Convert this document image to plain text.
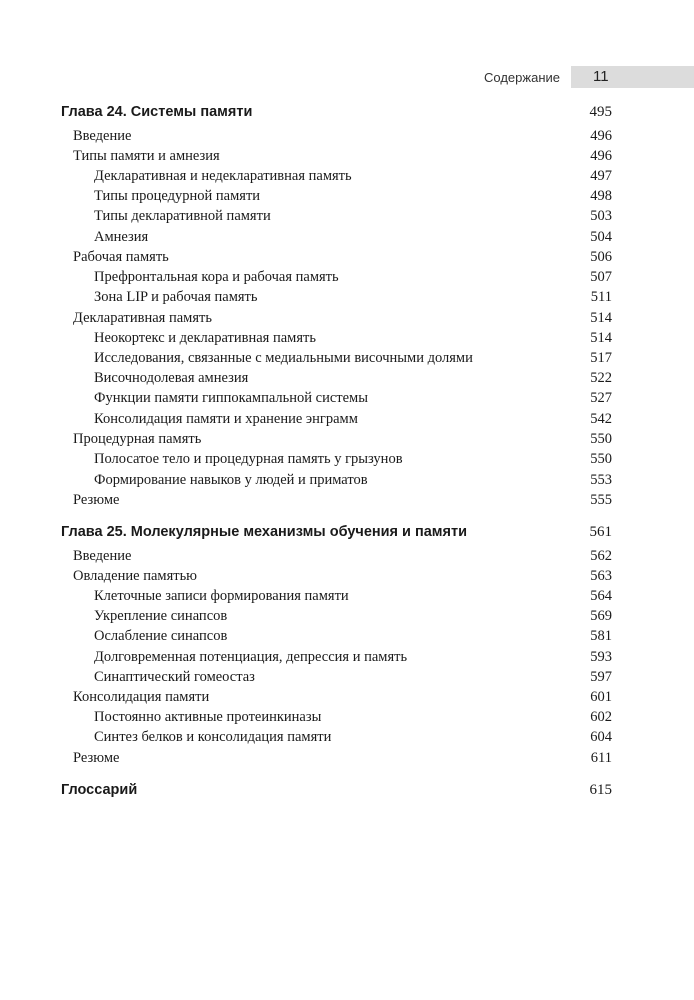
Содержание 11
Глава 24. Системы памяти	495
Введение	496
Типы памяти и амнезия	496
Декларативная и недекларативная память	497
Типы процедурной памяти	498
Типы декларативной памяти	503
Амнезия	504
Рабочая память	506
Префронтальная кора и рабочая память	507
Зона LIP и рабочая память	511
Декларативная память	514
Неокортекс и декларативная память	514
Исследования, связанные с медиальными височными долями	517
Височнодолевая амнезия	522
Функции памяти гиппокампальной системы	527
Консолидация памяти и хранение энграмм	542
Процедурная память	550
Полосатое тело и процедурная память у грызунов	550
Формирование навыков у людей и приматов	553
Резюме	555
Глава 25. Молекулярные механизмы обучения и памяти	561
Введение	562
Овладение памятью	563
Клеточные записи формирования памяти	564
Укрепление синапсов	569
Ослабление синапсов	581
Долговременная потенциация, депрессия и память	593
Синаптический гомеостаз	597
Консолидация памяти	601
Постоянно активные протеинкиназы	602
Синтез белков и консолидация памяти	604
Резюме	611
Глоссарий	615
